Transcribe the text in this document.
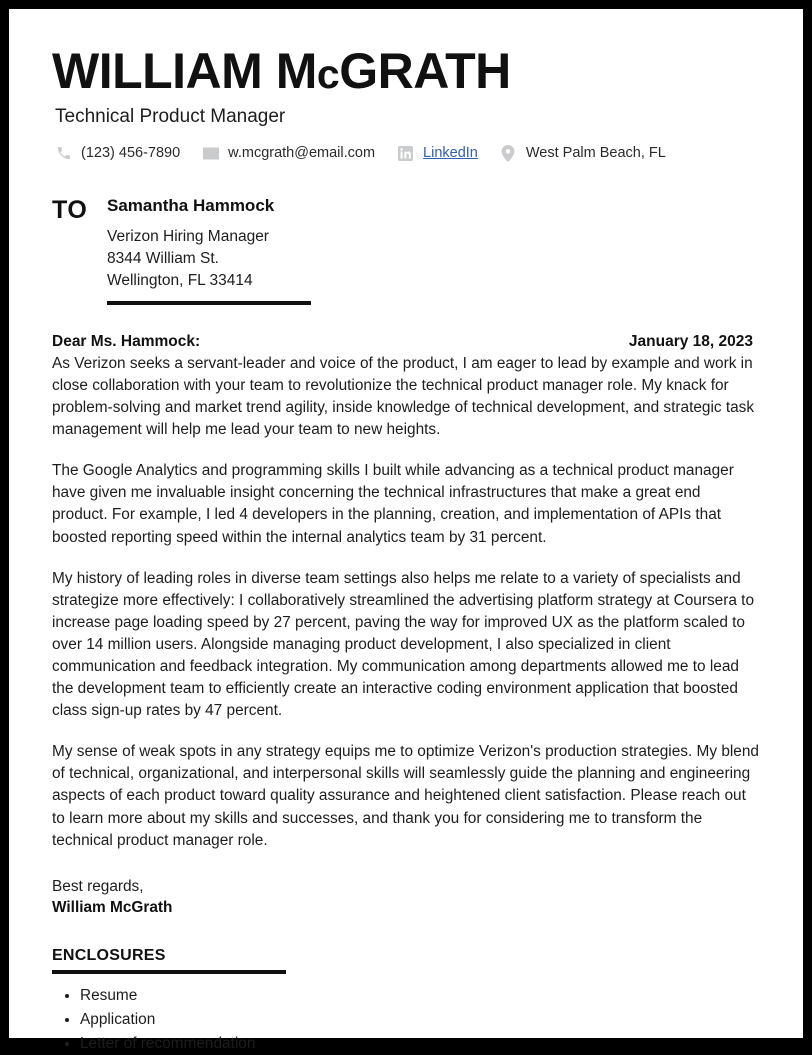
WILLIAM McGRATH
Technical Product Manager
(123) 456-7890	w.mcgrath@email.com	LinkedIn	West Palm Beach, FL
TO	Samantha Hammock
Verizon Hiring Manager
8344 William St.
Wellington, FL 33414
Dear Ms. Hammock:	January 18, 2023

As Verizon seeks a servant-leader and voice of the product, I am eager to lead by example and work in close collaboration with your team to revolutionize the technical product manager role. My knack for problem-solving and market trend agility, inside knowledge of technical development, and strategic task management will help me lead your team to new heights.

The Google Analytics and programming skills I built while advancing as a technical product manager have given me invaluable insight concerning the technical infrastructures that make a great end product. For example, I led 4 developers in the planning, creation, and implementation of APIs that boosted reporting speed within the internal analytics team by 31 percent.

My history of leading roles in diverse team settings also helps me relate to a variety of specialists and strategize more effectively: I collaboratively streamlined the advertising platform strategy at Coursera to increase page loading speed by 27 percent, paving the way for improved UX as the platform scaled to over 14 million users. Alongside managing product development, I also specialized in client communication and feedback integration. My communication among departments allowed me to lead the development team to efficiently create an interactive coding environment application that boosted class sign-up rates by 47 percent.

My sense of weak spots in any strategy equips me to optimize Verizon's production strategies. My blend of technical, organizational, and interpersonal skills will seamlessly guide the planning and engineering aspects of each product toward quality assurance and heightened client satisfaction. Please reach out to learn more about my skills and successes, and thank you for considering me to transform the technical product manager role.

Best regards,
William McGrath
ENCLOSURES
• Resume
• Application
• Letter of recommendation
